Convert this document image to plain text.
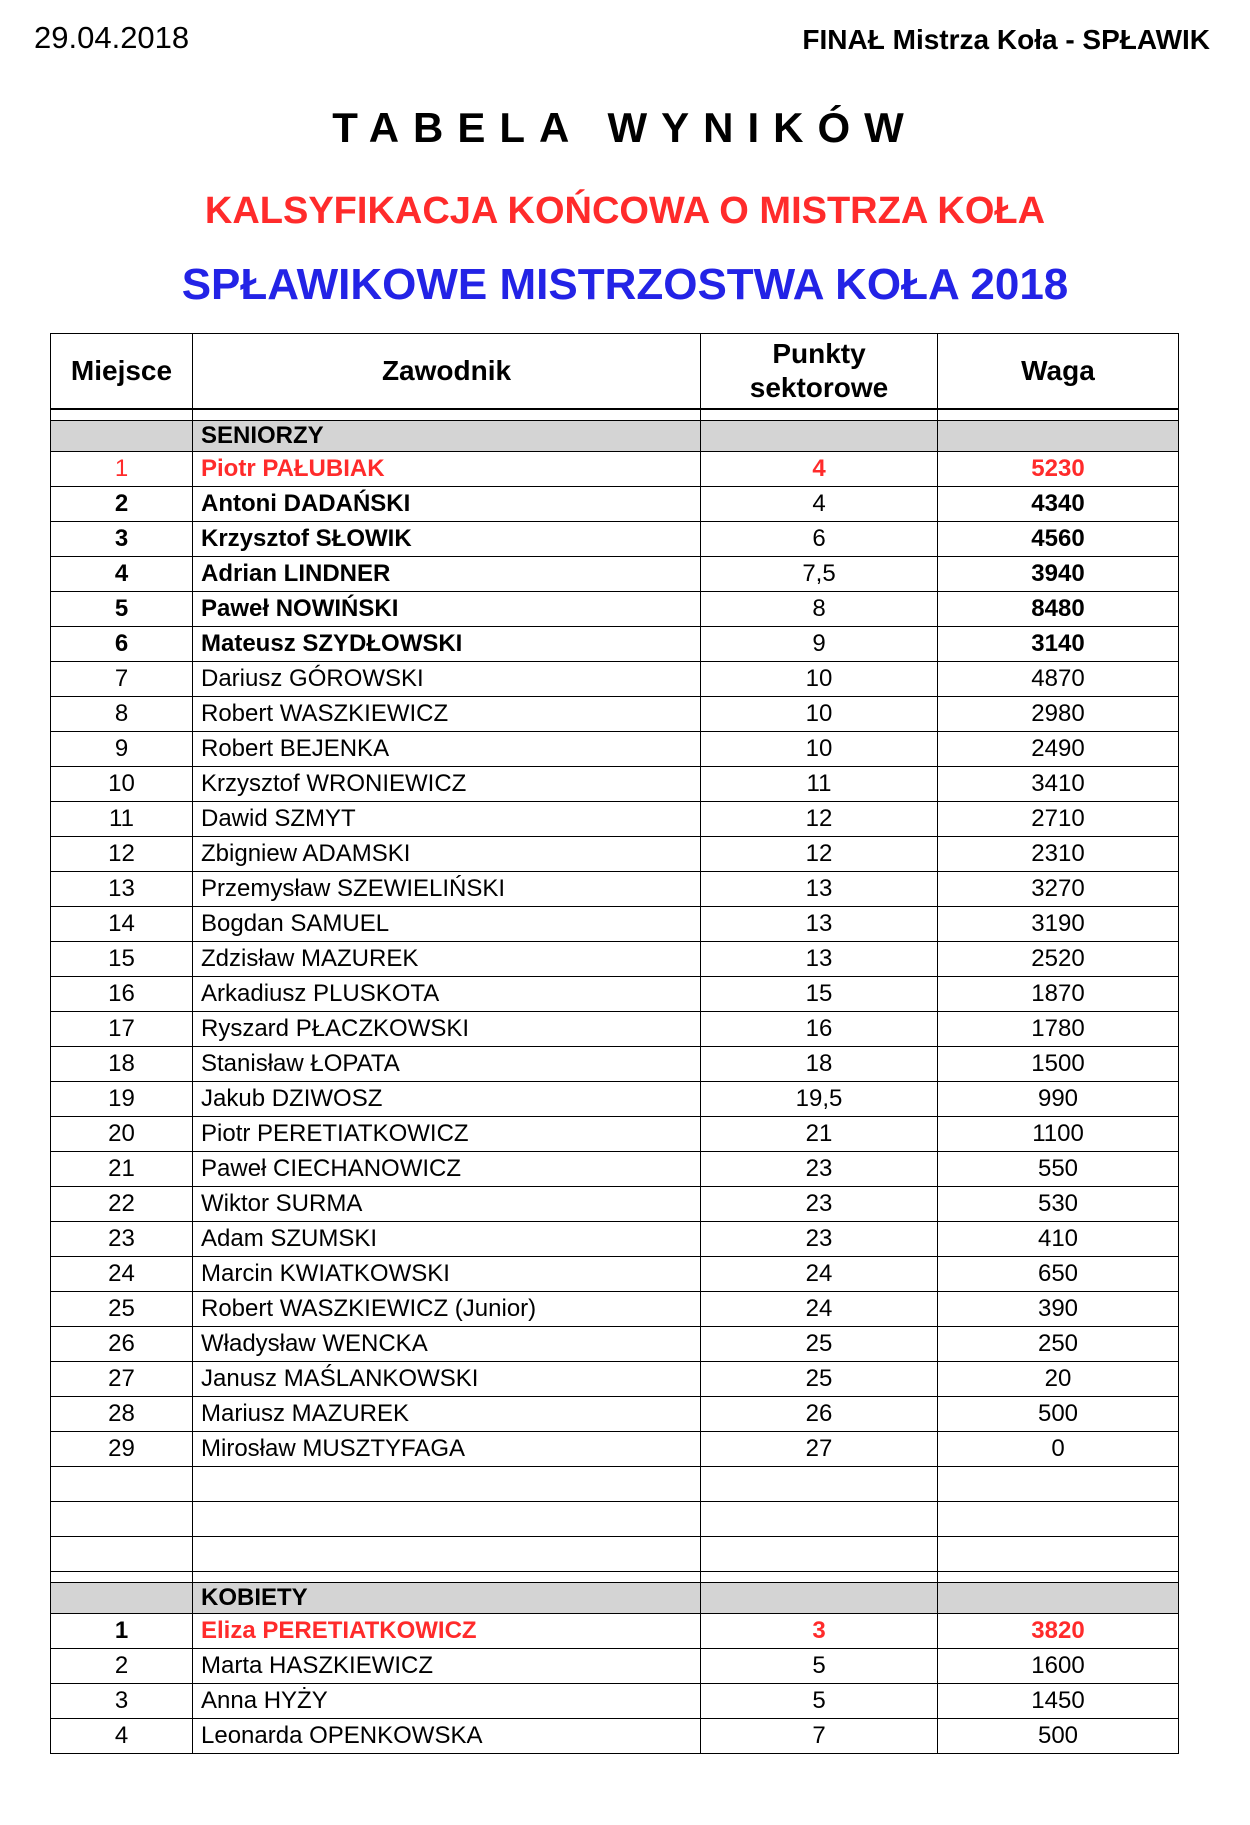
29.04.2018	FINAŁ Mistrza Koła - SPŁAWIK
TABELA WYNIKÓW
KALSYFIKACJA KOŃCOWA O MISTRZA KOŁA
SPŁAWIKOWE MISTRZOSTWA KOŁA 2018
Miejsce	Zawodnik	Punkty sektorowe	Waga

	SENIORZY		
1	Piotr PAŁUBIAK	4	5230
2	Antoni DADAŃSKI	4	4340
3	Krzysztof SŁOWIK	6	4560
4	Adrian LINDNER	7,5	3940
5	Paweł NOWIŃSKI	8	8480
6	Mateusz SZYDŁOWSKI	9	3140
7	Dariusz GÓROWSKI	10	4870
8	Robert WASZKIEWICZ	10	2980
9	Robert BEJENKA	10	2490
10	Krzysztof WRONIEWICZ	11	3410
11	Dawid SZMYT	12	2710
12	Zbigniew ADAMSKI	12	2310
13	Przemysław SZEWIELIŃSKI	13	3270
14	Bogdan SAMUEL	13	3190
15	Zdzisław MAZUREK	13	2520
16	Arkadiusz PLUSKOTA	15	1870
17	Ryszard PŁACZKOWSKI	16	1780
18	Stanisław ŁOPATA	18	1500
19	Jakub DZIWOSZ	19,5	990
20	Piotr PERETIATKOWICZ	21	1100
21	Paweł CIECHANOWICZ	23	550
22	Wiktor SURMA	23	530
23	Adam SZUMSKI	23	410
24	Marcin KWIATKOWSKI	24	650
25	Robert WASZKIEWICZ (Junior)	24	390
26	Władysław WENCKA	25	250
27	Janusz MAŚLANKOWSKI	25	20
28	Mariusz MAZUREK	26	500
29	Mirosław MUSZTYFAGA	27	0

	KOBIETY		
1	Eliza PERETIATKOWICZ	3	3820
2	Marta HASZKIEWICZ	5	1600
3	Anna HYŻY	5	1450
4	Leonarda OPENKOWSKA	7	500
